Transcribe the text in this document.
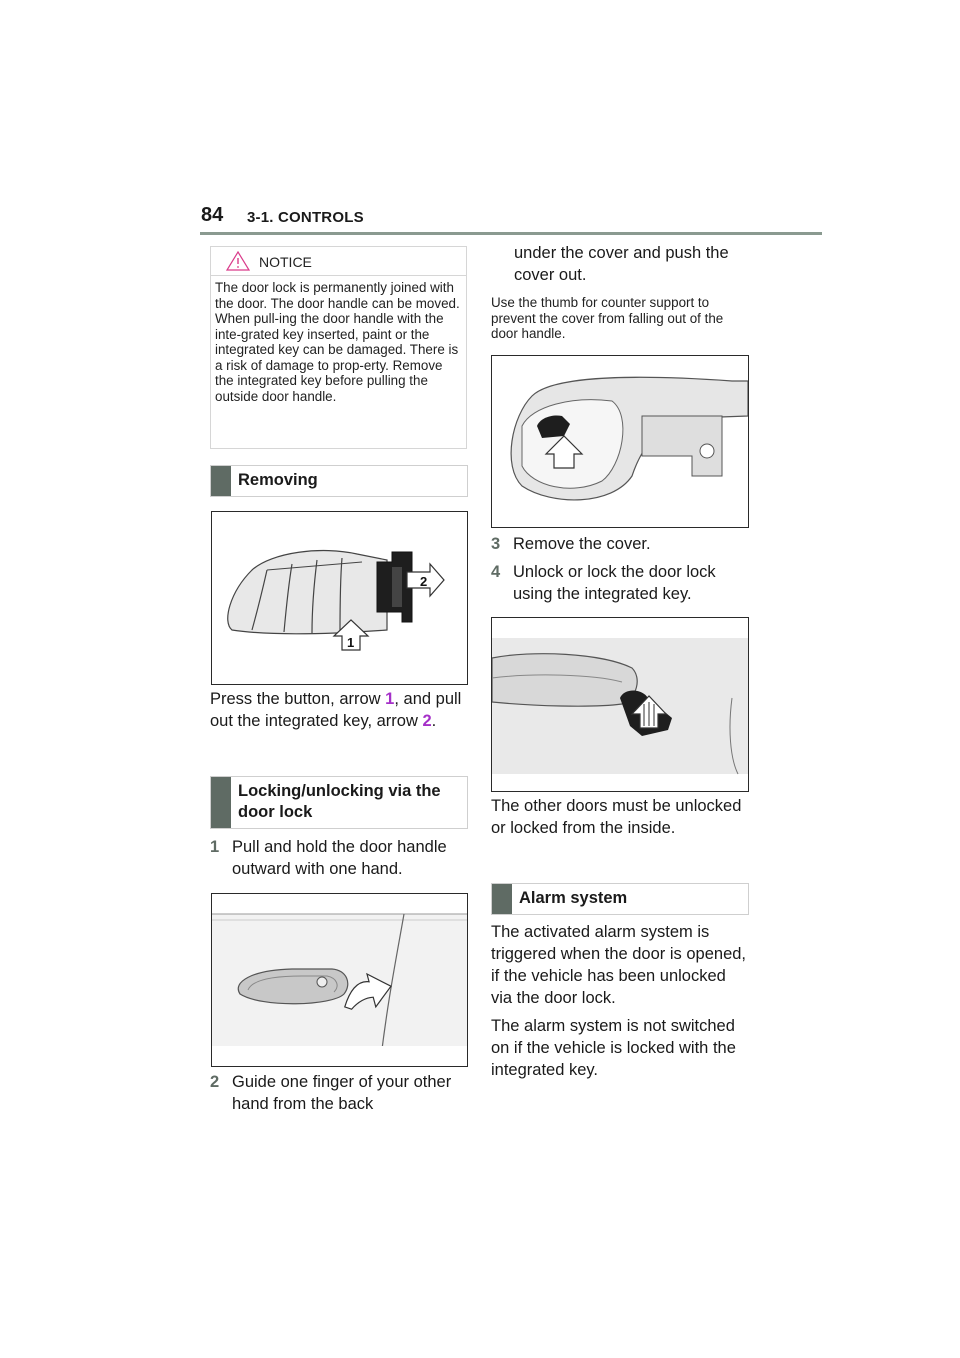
84 3-1. CONTROLS
NOTICE
The door lock is permanently joined with the door. The door handle can be moved. When pull-ing the door handle with the inte-grated key inserted, paint or the integrated key can be damaged. There is a risk of damage to prop-erty. Remove the integrated key before pulling the outside door handle.
Removing
2
1
Press the button, arrow 1, and pull out the integrated key, arrow 2.
Locking/unlocking via the
door lock
1 Pull and hold the door handle outward with one hand.
2 Guide one finger of your other hand from the back
under the cover and push the cover out.
Use the thumb for counter support to prevent the cover from falling out of the door handle.
3 Remove the cover.
4 Unlock or lock the door lock using the integrated key.
The other doors must be unlocked or locked from the inside.
Alarm system
The activated alarm system is triggered when the door is opened, if the vehicle has been unlocked via the door lock.
The alarm system is not switched on if the vehicle is locked with the integrated key.
